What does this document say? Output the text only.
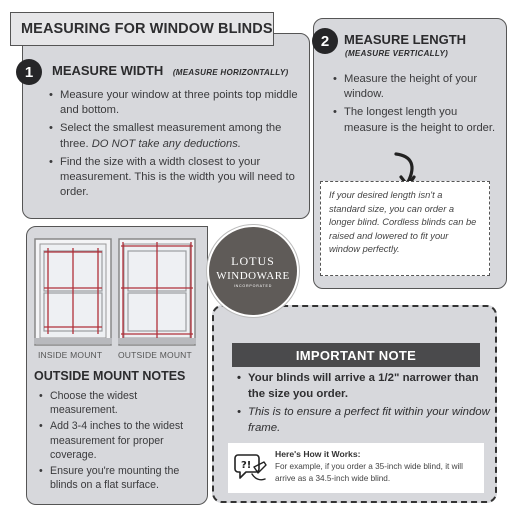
MEASURING FOR WINDOW BLINDS
1	MEASURE WIDTH (MEASURE HORIZONTALLY)
• Measure your window at three points top middle and bottom.
• Select the smallest measurement among the three. DO NOT take any deductions.
• Find the size with a width closest to your measurement. This is the width you will need to order.
2	MEASURE LENGTH
(MEASURE VERTICALLY)
• Measure the height of your window.
• The longest length you measure is the height to order.
If your desired length isn't a standard size, you can order a longer blind. Cordless blinds can be raised and lowered to fit your window perfectly.
INSIDE MOUNT OUTSIDE MOUNT
LOTUS
WINDOWARE
INCORPORATED
OUTSIDE MOUNT NOTES
• Choose the widest measurement.
• Add 3-4 inches to the widest measurement for proper coverage.
• Ensure you're mounting the blinds on a flat surface.
IMPORTANT NOTE
• Your blinds will arrive a 1/2" narrower than the size you order.
• This is to ensure a perfect fit within your window frame.
?!
Here's How it Works:
For example, if you order a 35-inch wide blind, it will arrive as a 34.5-inch wide blind.
